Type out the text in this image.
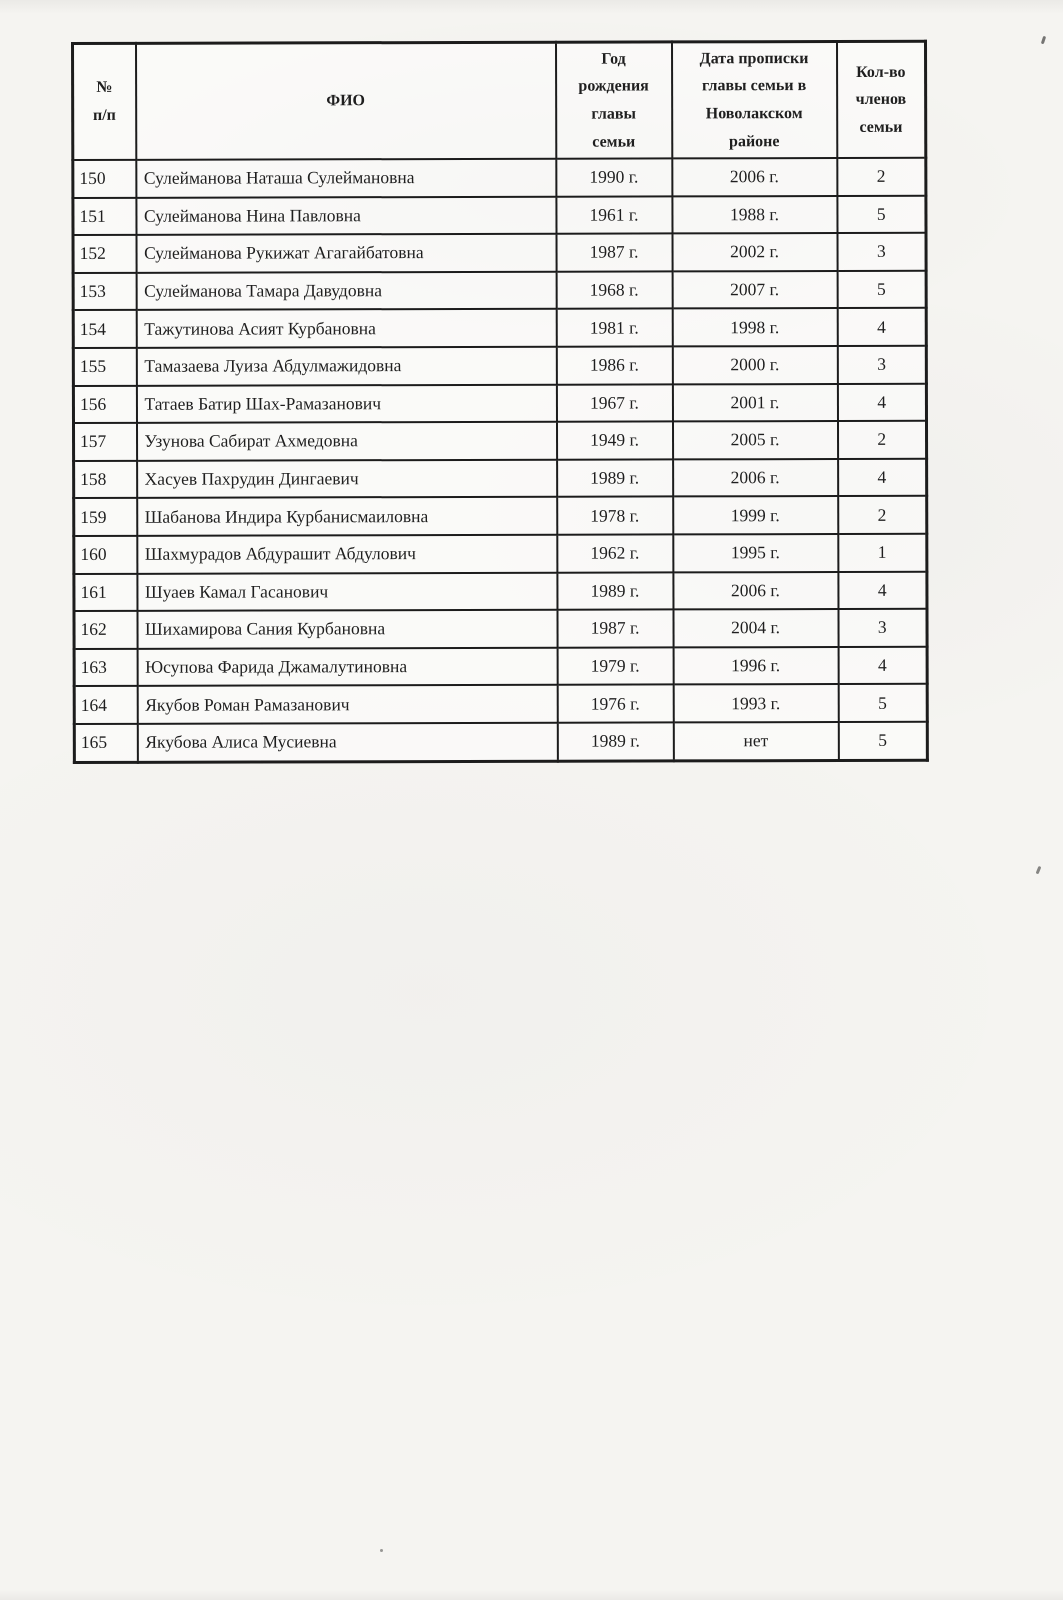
№
п/п	ФИО	Год
рождения
главы
семьи	Дата прописки
главы семьи в
Новолакском
районе	Кол-во
членов
семьи
150	Сулейманова Наташа Сулеймановна	1990 г.	2006 г.	2
151	Сулейманова Нина Павловна	1961 г.	1988 г.	5
152	Сулейманова Рукижат Агагайбатовна	1987 г.	2002 г.	3
153	Сулейманова Тамара Давудовна	1968 г.	2007 г.	5
154	Тажутинова Асият Курбановна	1981 г.	1998 г.	4
155	Тамазаева Луиза Абдулмажидовна	1986 г.	2000 г.	3
156	Татаев Батир Шах-Рамазанович	1967 г.	2001 г.	4
157	Узунова Сабират Ахмедовна	1949 г.	2005 г.	2
158	Хасуев Пахрудин Дингаевич	1989 г.	2006 г.	4
159	Шабанова Индира Курбанисмаиловна	1978 г.	1999 г.	2
160	Шахмурадов Абдурашит Абдулович	1962 г.	1995 г.	1
161	Шуаев Камал Гасанович	1989 г.	2006 г.	4
162	Шихамирова Сания Курбановна	1987 г.	2004 г.	3
163	Юсупова Фарида Джамалутиновна	1979 г.	1996 г.	4
164	Якубов Роман Рамазанович	1976 г.	1993 г.	5
165	Якубова Алиса Мусиевна	1989 г.	нет	5
